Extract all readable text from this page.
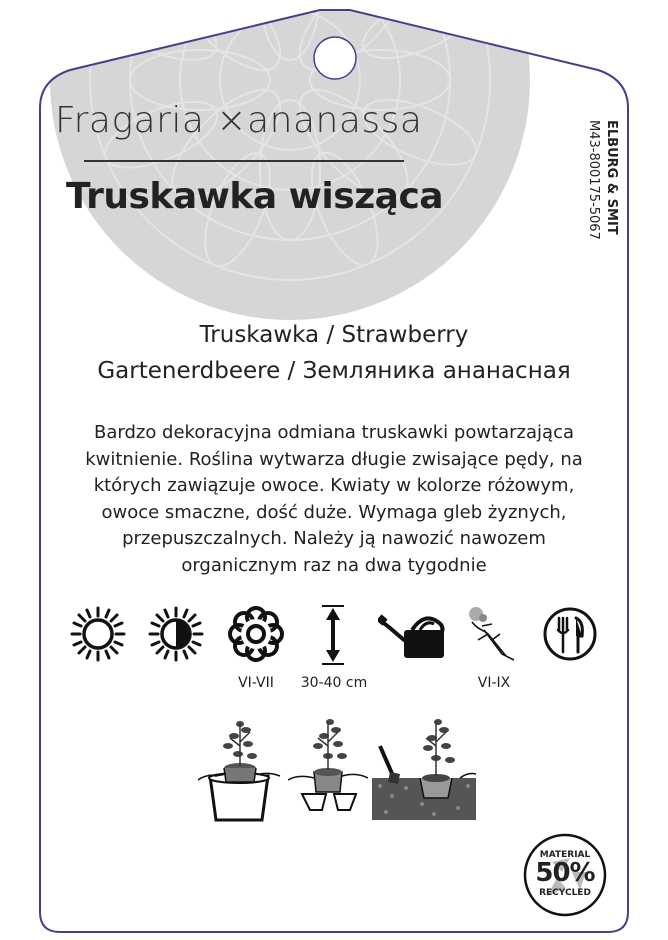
Fragaria ×ananassa
Truskawka wisząca	ELBURG & SMIT
M43-800175-5067
Truskawka / Strawberry
Gartenerdbeere / Земляника ананасная
Bardzo dekoracyjna odmiana truskawki powtarzająca
kwitnienie. Roślina wytwarza długie zwisające pędy, na
których zawiązuje owoce. Kwiaty w kolorze różowym,
owoce smaczne, dość duże. Wymaga gleb żyznych,
przepuszczalnych. Należy ją nawozić nawozem
organicznym raz na dwa tygodnie
VI-VII	30-40 cm	VI-IX
MATERIAL
50%
RECYCLED
